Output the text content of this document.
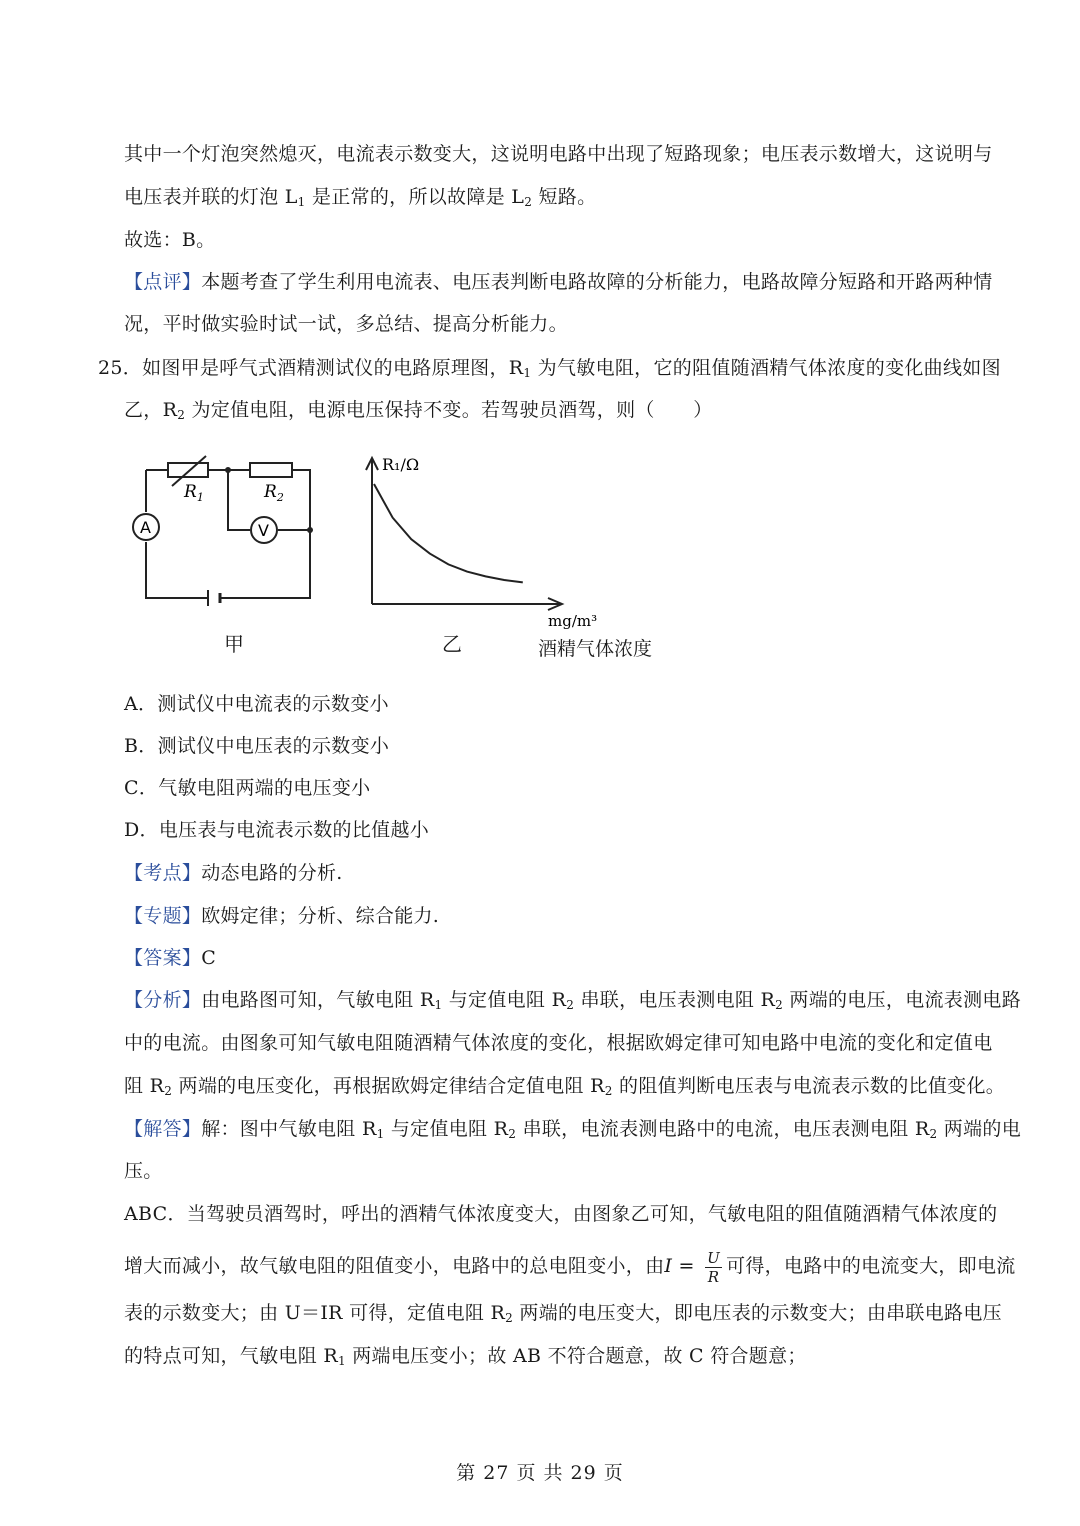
其中一个灯泡突然熄灭，电流表示数变大，这说明电路中出现了短路现象；电压表示数增大，这说明与
电压表并联的灯泡 $L_1$ 是正常的，所以故障是 $L_2$ 短路。
故选：B。
【点评】本题考查了学生利用电流表、电压表判断电路故障的分析能力，电路故障分短路和开路两种情
况，平时做实验时试一试，多总结、提高分析能力。
25．如图甲是呼气式酒精测试仪的电路原理图，$R_1$ 为气敏电阻，它的阻值随酒精气体浓度的变化曲线如图
乙，$R_2$ 为定值电阻，电源电压保持不变。若驾驶员酒驾，则（　　）
A	V
$R_1$	$R_2$
R₁/Ω
mg/m³
甲	乙	酒精气体浓度
A．测试仪中电流表的示数变小
B．测试仪中电压表的示数变小
C．气敏电阻两端的电压变小
D．电压表与电流表示数的比值越小
【考点】动态电路的分析.
【专题】欧姆定律；分析、综合能力.
【答案】C
【分析】由电路图可知，气敏电阻 $R_1$ 与定值电阻 $R_2$ 串联，电压表测电阻 $R_2$ 两端的电压，电流表测电路
中的电流。由图象可知气敏电阻随酒精气体浓度的变化，根据欧姆定律可知电路中电流的变化和定值电
阻 $R_2$ 两端的电压变化，再根据欧姆定律结合定值电阻 $R_2$ 的阻值判断电压表与电流表示数的比值变化。
【解答】解：图中气敏电阻 $R_1$ 与定值电阻 $R_2$ 串联，电流表测电路中的电流，电压表测电阻 $R_2$ 两端的电
压。
ABC．当驾驶员酒驾时，呼出的酒精气体浓度变大，由图象乙可知，气敏电阻的阻值随酒精气体浓度的
增大而减小，故气敏电阻的阻值变小，电路中的总电阻变小，由$I = \frac{U}{R}$ 可得，电路中的电流变大，即电流
表的示数变大；由 U＝IR 可得，定值电阻 $R_2$ 两端的电压变大，即电压表的示数变大；由串联电路电压
的特点可知，气敏电阻 $R_1$ 两端电压变小；故 AB 不符合题意，故 C 符合题意；
第 27 页 共 29 页
